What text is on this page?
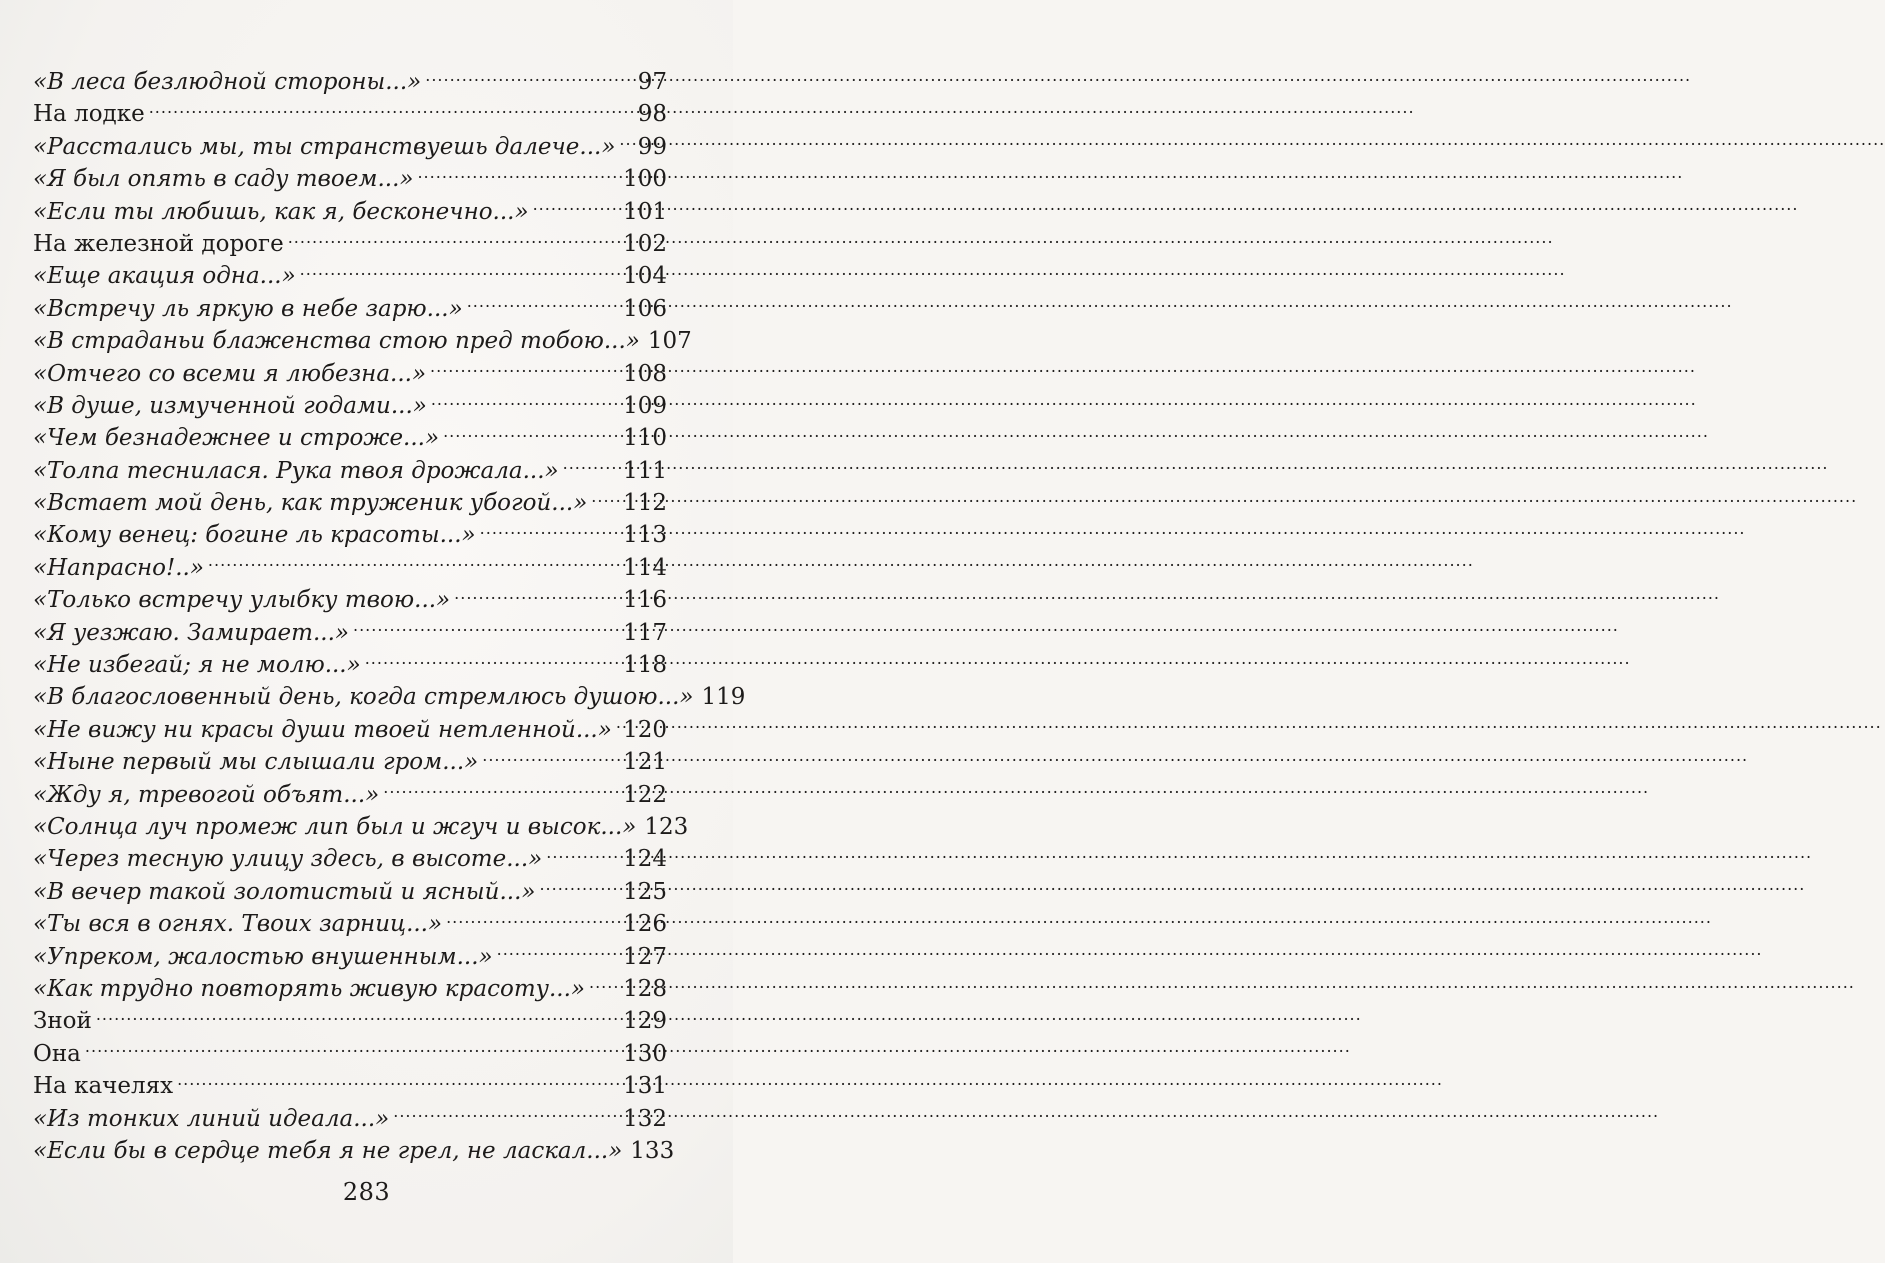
«В леса безлюдной стороны...» .....	97
На лодке .....	98
«Расстались мы, ты странствуешь далече...» ..... 99
«Я был опять в саду твоем...» .....	100
«Если ты любишь, как я, бесконечно...» .....	101
На железной дороге .....	102
«Еще акация одна...» .....	104
«Встречу ль яркую в небе зарю...» .....	106
«В страданьи блаженства стою пред тобою...» 107
«Отчего со всеми я любезна...» .....	108
«В душе, измученной годами...» .....	109
«Чем безнадежнее и строже...» .....	110
«Толпа теснилася. Рука твоя дрожала...» .....	111
«Встает мой день, как труженик убогой...» ..... 112
«Кому венец: богине ль красоты...» .....	113
«Напрасно!..» .....	114
«Только встречу улыбку твою...» .....	116
«Я уезжаю. Замирает...» .....	117
«Не избегай; я не молю...» .....	118
«В благословенный день, когда стремлюсь душою...» 119
«Не вижу ни красы души твоей нетленной...» ..... 120
«Ныне первый мы слышали гром...» .....	121
«Жду я, тревогой объят...» .....	122
«Солнца луч промеж лип был и жгуч и высок...» 123
«Через тесную улицу здесь, в высоте...» .....	124
«В вечер такой золотистый и ясный...» .....	125
«Ты вся в огнях. Твоих зарниц...» .....	126
«Упреком, жалостью внушенным...» .....	127
«Как трудно повторять живую красоту...» ..... 128
Зной .....	129
Она .....	130
На качелях .....	131
«Из тонких линий идеала...» .....	132
«Если бы в сердце тебя я не грел, не ласкал...» 133
283
